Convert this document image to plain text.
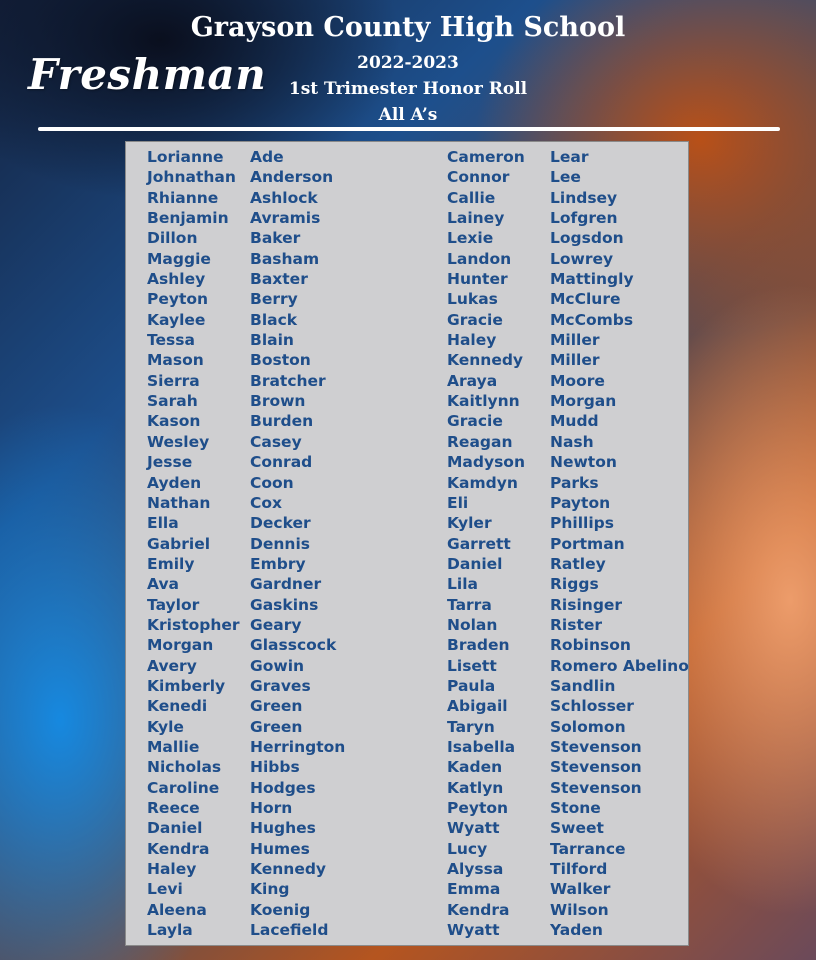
Freshman
Grayson County High School
2022-2023
1st Trimester Honor Roll
All A’s
Lorianne
Johnathan
Rhianne
Benjamin
Dillon
Maggie
Ashley
Peyton
Kaylee
Tessa
Mason
Sierra
Sarah
Kason
Wesley
Jesse
Ayden
Nathan
Ella
Gabriel
Emily
Ava
Taylor
Kristopher
Morgan
Avery
Kimberly
Kenedi
Kyle
Mallie
Nicholas
Caroline
Reece
Daniel
Kendra
Haley
Levi
Aleena
Layla
Ade
Anderson
Ashlock
Avramis
Baker
Basham
Baxter
Berry
Black
Blain
Boston
Bratcher
Brown
Burden
Casey
Conrad
Coon
Cox
Decker
Dennis
Embry
Gardner
Gaskins
Geary
Glasscock
Gowin
Graves
Green
Green
Herrington
Hibbs
Hodges
Horn
Hughes
Humes
Kennedy
King
Koenig
Lacefield
Cameron
Connor
Callie
Lainey
Lexie
Landon
Hunter
Lukas
Gracie
Haley
Kennedy
Araya
Kaitlynn
Gracie
Reagan
Madyson
Kamdyn
Eli
Kyler
Garrett
Daniel
Lila
Tarra
Nolan
Braden
Lisett
Paula
Abigail
Taryn
Isabella
Kaden
Katlyn
Peyton
Wyatt
Lucy
Alyssa
Emma
Kendra
Wyatt
Lear
Lee
Lindsey
Lofgren
Logsdon
Lowrey
Mattingly
McClure
McCombs
Miller
Miller
Moore
Morgan
Mudd
Nash
Newton
Parks
Payton
Phillips
Portman
Ratley
Riggs
Risinger
Rister
Robinson
Romero Abelino
Sandlin
Schlosser
Solomon
Stevenson
Stevenson
Stevenson
Stone
Sweet
Tarrance
Tilford
Walker
Wilson
Yaden
